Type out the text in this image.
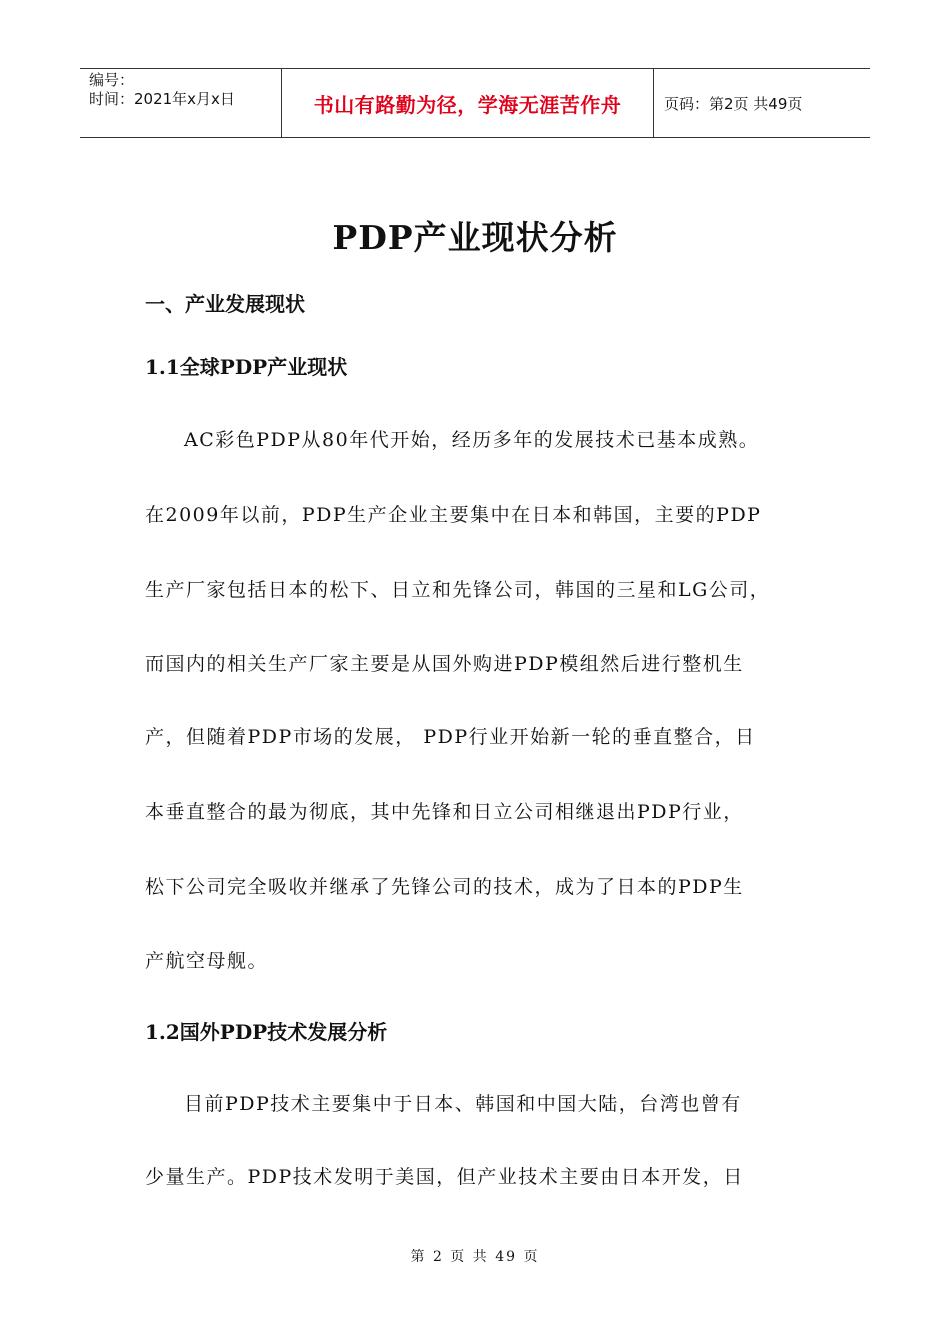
编号：
时间：2021年x月x日	书山有路勤为径，学海无涯苦作舟	页码：第2页 共49页
PDP产业现状分析
一、产业发展现状
1.1全球PDP产业现状
AC彩色PDP从80年代开始，经历多年的发展技术已基本成熟。
在2009年以前，PDP生产企业主要集中在日本和韩国，主要的PDP
生产厂家包括日本的松下、日立和先锋公司，韩国的三星和LG公司，
而国内的相关生产厂家主要是从国外购进PDP模组然后进行整机生
产，但随着PDP市场的发展， PDP行业开始新一轮的垂直整合，日
本垂直整合的最为彻底，其中先锋和日立公司相继退出PDP行业，
松下公司完全吸收并继承了先锋公司的技术，成为了日本的PDP生
产航空母舰。
1.2国外PDP技术发展分析
目前PDP技术主要集中于日本、韩国和中国大陆，台湾也曾有
少量生产。PDP技术发明于美国，但产业技术主要由日本开发，日
第 2 页 共 49 页
